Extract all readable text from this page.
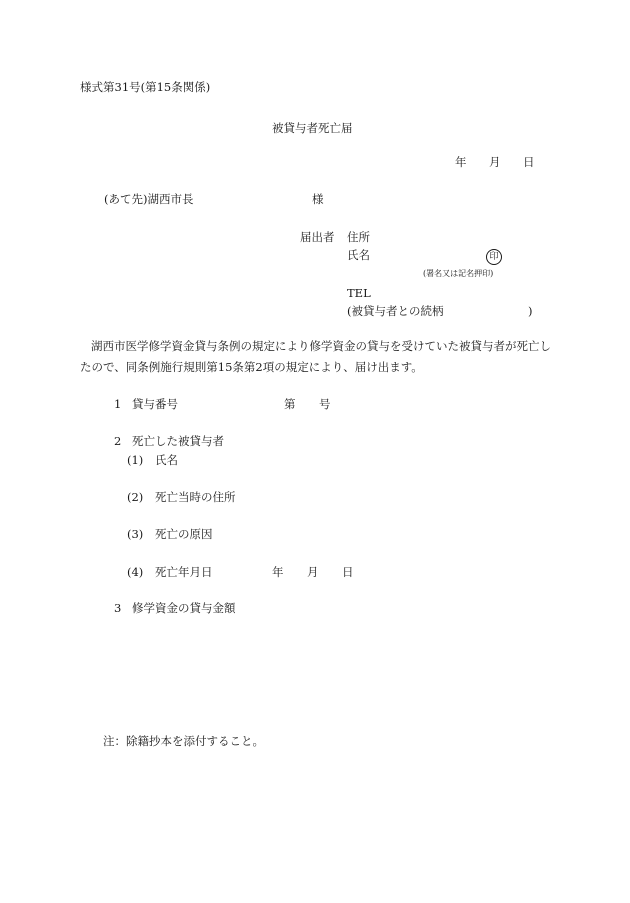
様式第31号(第15条関係)
被貸与者死亡届
年 月 日
(あて先)湖西市長	様
届出者 住所
氏名	印
(署名又は記名押印)
TEL
(被貸与者との続柄	)

湖西市医学修学資金貸与条例の規定により修学資金の貸与を受けていた被貸与者が死亡したので、同条例施行規則第15条第2項の規定により、届け出ます。

1 貸与番号	第 号
2 死亡した被貸与者
(1) 氏名
(2) 死亡当時の住所
(3) 死亡の原因
(4) 死亡年月日	年 月 日
3 修学資金の貸与金額
注：除籍抄本を添付すること。
